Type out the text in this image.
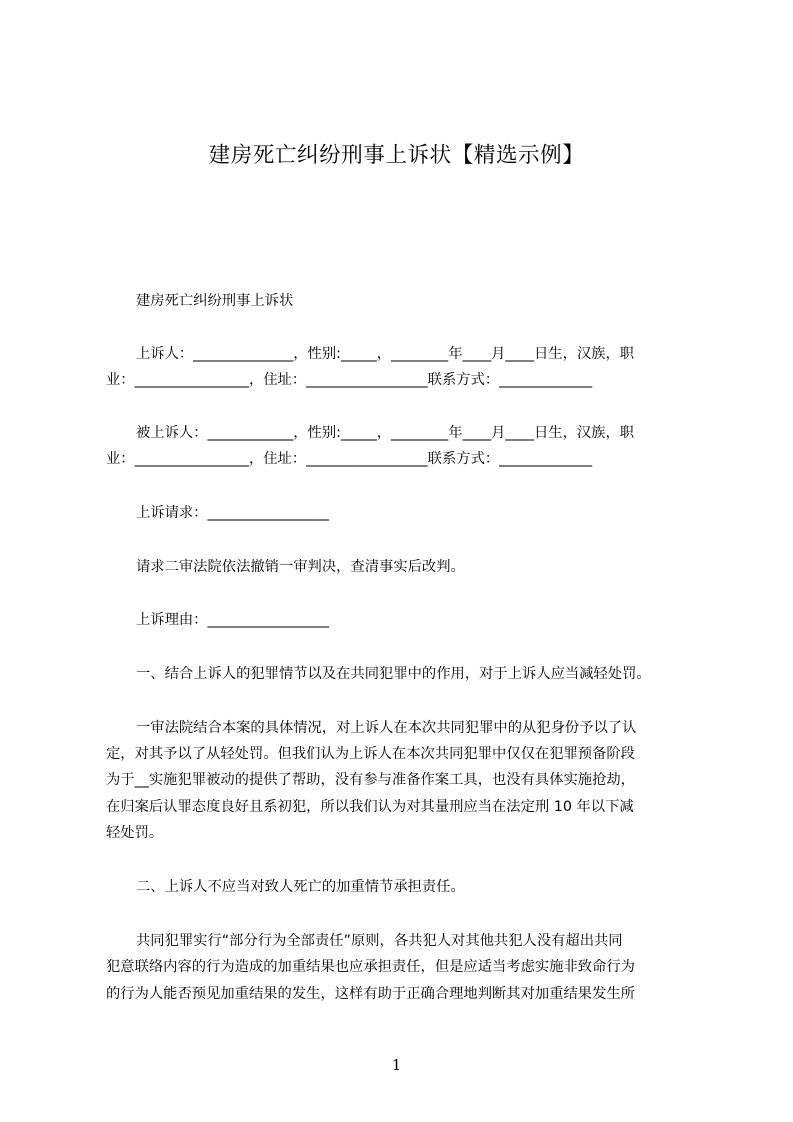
建房死亡纠纷刑事上诉状【精选示例】
建房死亡纠纷刑事上诉状
上诉人：______________，性别:_____，________年____月____日生，汉族，职
业：________________，住址：_________________联系方式：_____________
被上诉人：____________，性别:_____，________年____月____日生，汉族，职
业：________________，住址：_________________联系方式：_____________
上诉请求：_________________
请求二审法院依法撤销一审判决，查清事实后改判。
上诉理由：_________________
一、结合上诉人的犯罪情节以及在共同犯罪中的作用，对于上诉人应当减轻处罚。
一审法院结合本案的具体情况，对上诉人在本次共同犯罪中的从犯身份予以了认
定，对其予以了从轻处罚。但我们认为上诉人在本次共同犯罪中仅仅在犯罪预备阶段
为于__实施犯罪被动的提供了帮助，没有参与准备作案工具，也没有具体实施抢劫，
在归案后认罪态度良好且系初犯，所以我们认为对其量刑应当在法定刑 10 年以下减
轻处罚。
二、上诉人不应当对致人死亡的加重情节承担责任。
共同犯罪实行“部分行为全部责任”原则，各共犯人对其他共犯人没有超出共同
犯意联络内容的行为造成的加重结果也应承担责任，但是应适当考虑实施非致命行为
的行为人能否预见加重结果的发生，这样有助于正确合理地判断其对加重结果发生所
1
